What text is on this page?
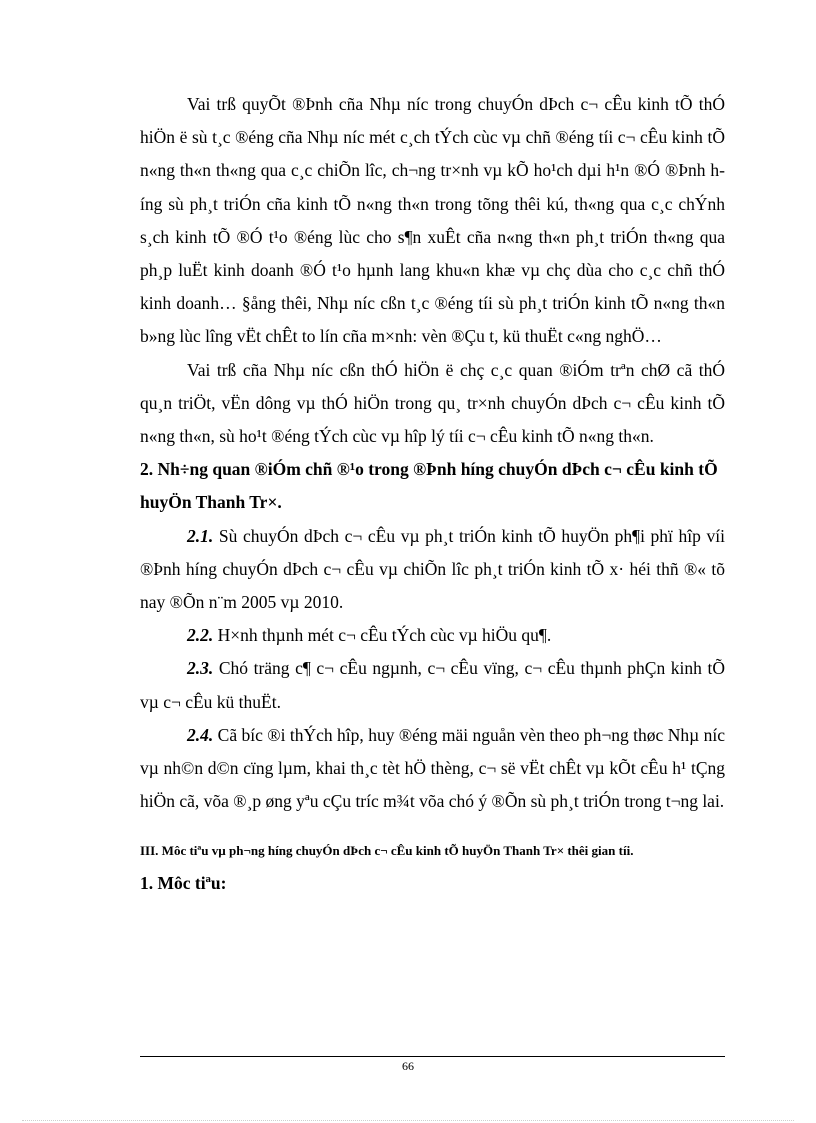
Vai trß quyÕt ®Þnh cña Nhµ níc trong chuyÓn dÞch c¬ cÊu kinh tÕ thÓ hiÖn ë sù t¸c ®éng cña Nhµ níc mét c¸ch tÝch cùc vµ chñ ®éng tíi c¬ cÊu kinh tÕ n«ng th«n th«ng qua c¸c chiÕn lîc, ch¬ng tr×nh vµ kÕ ho¹ch dµi h¹n ®Ó ®Þnh híng sù ph¸t triÓn cña kinh tÕ n«ng th«n trong tõng thêi kú, th«ng qua c¸c chÝnh s¸ch kinh tÕ ®Ó t¹o ®éng lùc cho s¶n xuÊt cña n«ng th«n ph¸t triÓn th«ng qua ph¸p luËt kinh doanh ®Ó t¹o hµnh lang khu«n khæ vµ chç dùa cho c¸c chñ thÓ kinh doanh… §ång thêi, Nhµ níc cßn t¸c ®éng tíi sù ph¸t triÓn kinh tÕ n«ng th«n b»ng lùc lîng vËt chÊt to lín cña m×nh: vèn ®Çu t, kü thuËt c«ng nghÖ…

Vai trß cña Nhµ níc cßn thÓ hiÖn ë chç c¸c quan ®iÓm trªn chØ cã thÓ qu¸n triÖt, vËn dông vµ thÓ hiÖn trong qu¸ tr×nh chuyÓn dÞch c¬ cÊu kinh tÕ n«ng th«n, sù ho¹t ®éng tÝch cùc vµ hîp lý tíi c¬ cÊu kinh tÕ n«ng th«n.

2. Nh÷ng quan ®iÓm chñ ®¹o trong ®Þnh híng chuyÓn dÞch c¬ cÊu kinh tÕ huyÖn Thanh Tr×.

2.1. Sù chuyÓn dÞch c¬ cÊu vµ ph¸t triÓn kinh tÕ huyÖn ph¶i phï hîp víi ®Þnh híng chuyÓn dÞch c¬ cÊu vµ chiÕn lîc ph¸t triÓn kinh tÕ x· héi thñ ®« tõ nay ®Õn n¨m 2005 vµ 2010.

2.2. H×nh thµnh mét c¬ cÊu tÝch cùc vµ hiÖu qu¶.

2.3. Chó träng c¶ c¬ cÊu ngµnh, c¬ cÊu vïng, c¬ cÊu thµnh phÇn kinh tÕ vµ c¬ cÊu kü thuËt.

2.4. Cã bíc ®i thÝch hîp, huy ®éng mäi nguån vèn theo ph¬ng thøc Nhµ níc vµ nh©n d©n cïng lµm, khai th¸c tèt hÖ thèng, c¬ së vËt chÊt vµ kÕt cÊu h¹ tÇng hiÖn cã, võa ®¸p øng yªu cÇu tríc m¾t võa chó ý ®Õn sù ph¸t triÓn trong t¬ng lai.

III. Môc tiªu vµ ph¬ng híng chuyÓn dÞch c¬ cÊu kinh tÕ huyÖn Thanh Tr× thêi gian tíi.

1. Môc tiªu:

66
